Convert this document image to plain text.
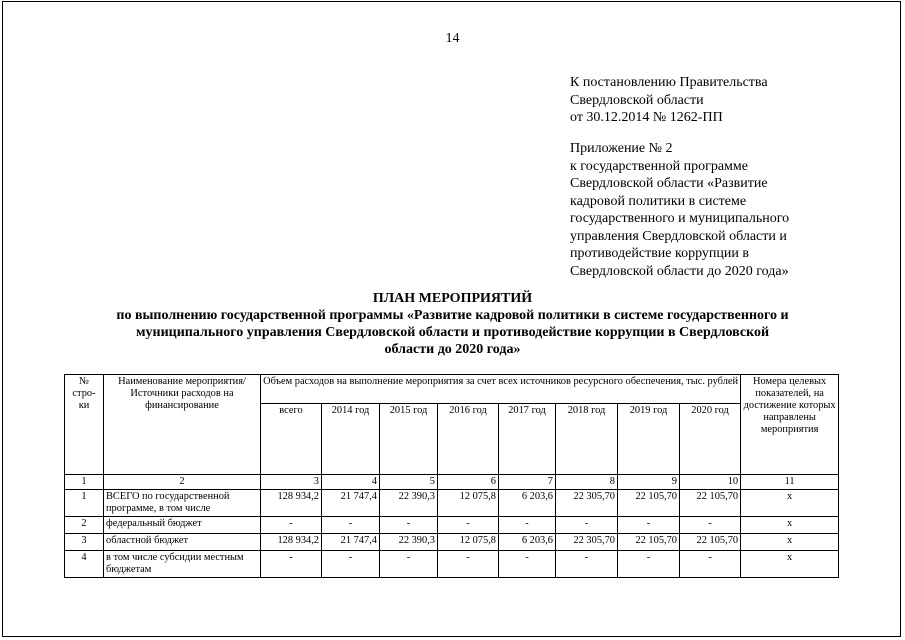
14
К постановлению Правительства
Свердловской области
от 30.12.2014 № 1262-ПП
Приложение № 2
к государственной программе
Свердловской области «Развитие
кадровой политики в системе
государственного и муниципального
управления Свердловской области и
противодействие коррупции в
Свердловской области до 2020 года»
ПЛАН МЕРОПРИЯТИЙ
по выполнению государственной программы «Развитие кадровой политики в системе государственного и
муниципального управления Свердловской области и противодействие коррупции в Свердловской
области до 2020 года»
№ стро- ки	Наименование мероприятия/Источники расходов на финансирование	Объем расходов на выполнение мероприятия за счет всех источников ресурсного обеспечения, тыс. рублей								Номера целевых показателей, на достижение которых направлены мероприятия
		всего	2014 год	2015 год	2016 год	2017 год	2018 год	2019 год	2020 год	
1	2	3	4	5	6	7	8	9	10	11
1	ВСЕГО по государственной программе, в том числе	128 934,2	21 747,4	22 390,3	12 075,8	6 203,6	22 305,70	22 105,70	22 105,70	х
2	федеральный бюджет	-	-	-	-	-	-	-	-	х
3	областной бюджет	128 934,2	21 747,4	22 390,3	12 075,8	6 203,6	22 305,70	22 105,70	22 105,70	х
4	в том числе субсидии местным бюджетам	-	-	-	-	-	-	-	-	х
